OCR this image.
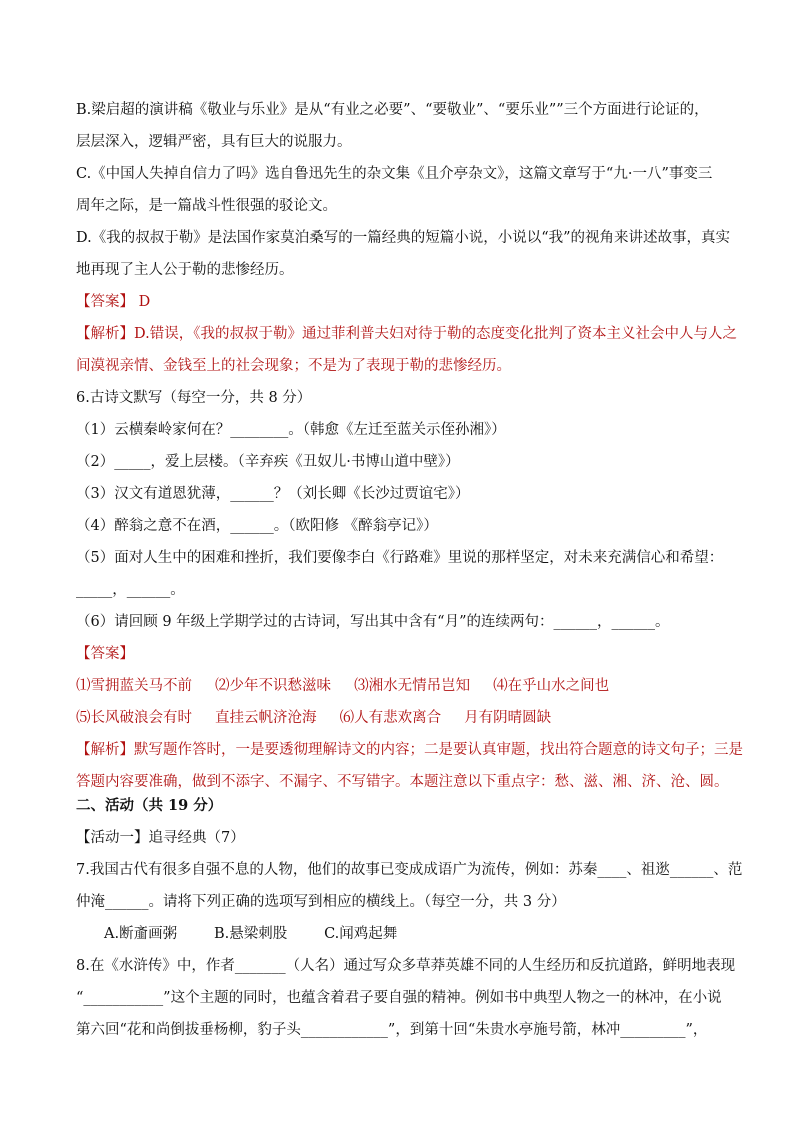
B.梁启超的演讲稿《敬业与乐业》是从“有业之必要”、“要敬业”、“要乐业””三个方面进行论证的，
层层深入，逻辑严密，具有巨大的说服力。
C.《中国人失掉自信力了吗》选自鲁迅先生的杂文集《且介亭杂文》，这篇文章写于“九·一八”事变三
周年之际，是一篇战斗性很强的驳论文。
D.《我的叔叔于勒》是法国作家莫泊桑写的一篇经典的短篇小说，小说以“我”的视角来讲述故事，真实
地再现了主人公于勒的悲惨经历。
【答案】 D
【解析】D.错误，《我的叔叔于勒》通过菲利普夫妇对待于勒的态度变化批判了资本主义社会中人与人之
间漠视亲情、金钱至上的社会现象；不是为了表现于勒的悲惨经历。
6.古诗文默写（每空一分，共 8 分）
（1）云横秦岭家何在？________。（韩愈《左迁至蓝关示侄孙湘》）
（2）_____，爱上层楼。（辛弃疾《丑奴儿·书博山道中壁》）
（3）汉文有道恩犹薄，______？（刘长卿《长沙过贾谊宅》）
（4）醉翁之意不在酒，______。（欧阳修 《醉翁亭记》）
（5）面对人生中的困难和挫折，我们要像李白《行路难》里说的那样坚定，对未来充满信心和希望：
_____，______。
（6）请回顾 9 年级上学期学过的古诗词，写出其中含有“月”的连续两句：______，______。
【答案】
⑴雪拥蓝关马不前     ⑵少年不识愁滋味     ⑶湘水无情吊岂知     ⑷在乎山水之间也
⑸长风破浪会有时     直挂云帆济沧海     ⑹人有悲欢离合     月有阴晴圆缺
【解析】默写题作答时，一是要透彻理解诗文的内容；二是要认真审题，找出符合题意的诗文句子；三是
答题内容要准确，做到不添字、不漏字、不写错字。本题注意以下重点字：愁、滋、湘、济、沧、圆。
二、活动（共 19 分）
【活动一】追寻经典（7）
7.我国古代有很多自强不息的人物，他们的故事已变成成语广为流传，例如：苏秦____、祖逖______、范
仲淹______。请将下列正确的选项写到相应的横线上。（每空一分，共 3 分）
A.断齑画粥        B.悬梁刺股        C.闻鸡起舞
8.在《水浒传》中，作者_______（人名）通过写众多草莽英雄不同的人生经历和反抗道路，鲜明地表现
“___________”这个主题的同时，也蕴含着君子要自强的精神。例如书中典型人物之一的林冲，在小说
第六回“花和尚倒拔垂杨柳，豹子头____________”，到第十回“朱贵水亭施号箭，林冲_________”，
